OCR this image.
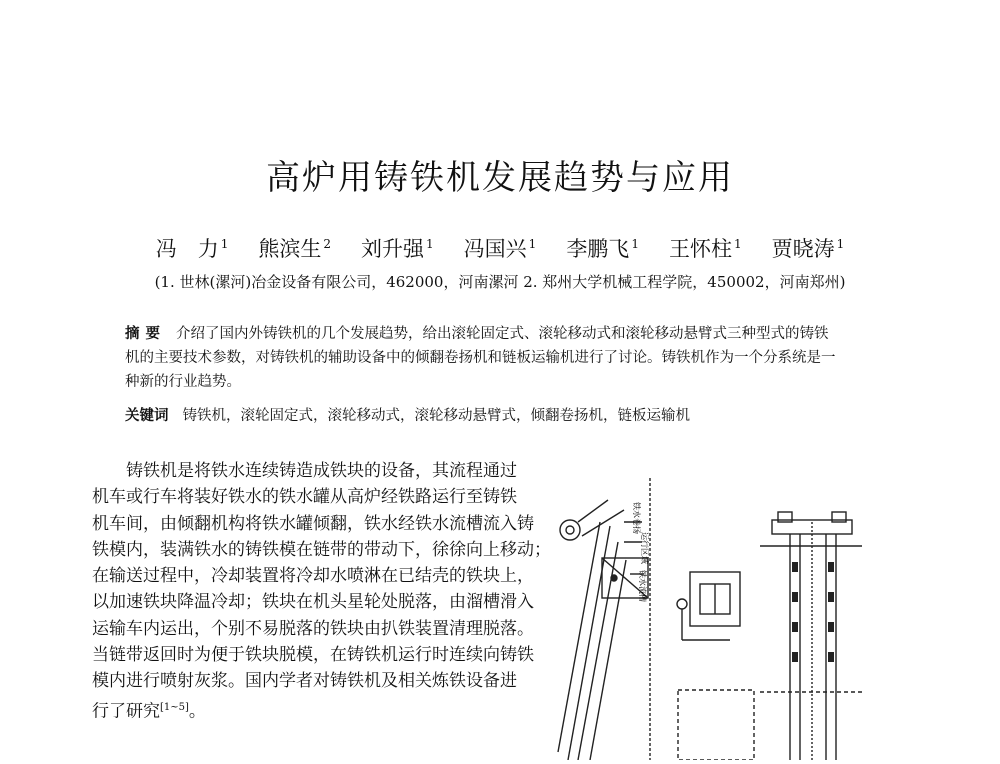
高炉用铸铁机发展趋势与应用
冯　力 $^1$ 熊滨生 $^2$ 刘升强 $^1$ 冯国兴 $^1$ 李鹏飞 $^1$ 王怀柱 $^1$ 贾晓涛 $^1$
(1. 世林(漯河)冶金设备有限公司，462000，河南漯河 2. 郑州大学机械工程学院，450002，河南郑州)
摘要 介绍了国内外铸铁机的几个发展趋势，给出滚轮固定式、滚轮移动式和滚轮移动悬臂式三种型式的铸铁
机的主要技术参数，对铸铁机的辅助设备中的倾翻卷扬机和链板运输机进行了讨论。铸铁机作为一个分系统是一
种新的行业趋势。
关键词 铸铁机，滚轮固定式，滚轮移动式，滚轮移动悬臂式，倾翻卷扬机，链板运输机
　　铸铁机是将铁水连续铸造成铁块的设备，其流程通过
机车或行车将装好铁水的铁水罐从高炉经铁路运行至铸铁
机车间，由倾翻机构将铁水罐倾翻，铁水经铁水流槽流入铸
铁模内，装满铁水的铸铁模在链带的带动下，徐徐向上移动；
在输送过程中，冷却装置将冷却水喷淋在已结壳的铁块上，
以加速铁块降温冷却；铁块在机头星轮处脱落，由溜槽滑入
运输车内运出，个别不易脱落的铁块由扒铁装置清理脱落。
当链带返回时为便于铁块脱模，在铸铁机运行时连续向铸铁
模内进行喷射灰浆。国内学者对铸铁机及相关炼铁设备进
行了研究[1~5]。
铁水卷扬
运行区域
铁水流槽
